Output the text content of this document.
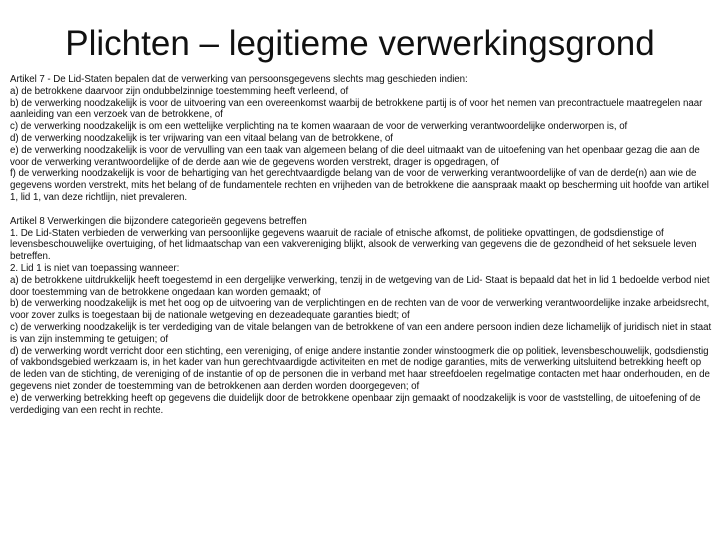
Plichten – legitieme verwerkingsgrond
Artikel 7 - De Lid-Staten bepalen dat de verwerking van persoonsgegevens slechts mag geschieden indien:
a) de betrokkene daarvoor zijn ondubbelzinnige toestemming heeft verleend, of
b) de verwerking noodzakelijk is voor de uitvoering van een overeenkomst waarbij de betrokkene partij is of voor het nemen van precontractuele maatregelen naar aanleiding van een verzoek van de betrokkene, of
c) de verwerking noodzakelijk is om een wettelijke verplichting na te komen waaraan de voor de verwerking verantwoordelijke onderworpen is, of
d) de verwerking noodzakelijk is ter vrijwaring van een vitaal belang van de betrokkene, of
e) de verwerking noodzakelijk is voor de vervulling van een taak van algemeen belang of die deel uitmaakt van de uitoefening van het openbaar gezag die aan de voor de verwerking verantwoordelijke of de derde aan wie de gegevens worden verstrekt, drager is opgedragen, of
f) de verwerking noodzakelijk is voor de behartiging van het gerechtvaardigde belang van de voor de verwerking verantwoordelijke of van de derde(n) aan wie de gegevens worden verstrekt, mits het belang of de fundamentele rechten en vrijheden van de betrokkene die aanspraak maakt op bescherming uit hoofde van artikel 1, lid 1, van deze richtlijn, niet prevaleren.
Artikel 8 Verwerkingen die bijzondere categorieën gegevens betreffen
1. De Lid-Staten verbieden de verwerking van persoonlijke gegevens waaruit de raciale of etnische afkomst, de politieke opvattingen, de godsdienstige of levensbeschouwelijke overtuiging, of het lidmaatschap van een vakvereniging blijkt, alsook de verwerking van gegevens die de gezondheid of het seksuele leven betreffen.
2. Lid 1 is niet van toepassing wanneer:
a) de betrokkene uitdrukkelijk heeft toegestemd in een dergelijke verwerking, tenzij in de wetgeving van de Lid- Staat is bepaald dat het in lid 1 bedoelde verbod niet door toestemming van de betrokkene ongedaan kan worden gemaakt; of
b) de verwerking noodzakelijk is met het oog op de uitvoering van de verplichtingen en de rechten van de voor de verwerking verantwoordelijke inzake arbeidsrecht, voor zover zulks is toegestaan bij de nationale wetgeving en dezeadequate garanties biedt; of
c) de verwerking noodzakelijk is ter verdediging van de vitale belangen van de betrokkene of van een andere persoon indien deze lichamelijk of juridisch niet in staat is van zijn instemming te getuigen; of
d) de verwerking wordt verricht door een stichting, een vereniging, of enige andere instantie zonder winstoogmerk die op politiek, levensbeschouwelijk, godsdienstig of vakbondsgebied werkzaam is, in het kader van hun gerechtvaardigde activiteiten en met de nodige garanties, mits de verwerking uitsluitend betrekking heeft op de leden van de stichting, de vereniging of de instantie of op de personen die in verband met haar streefdoelen regelmatige contacten met haar onderhouden, en de gegevens niet zonder de toestemming van de betrokkenen aan derden worden doorgegeven; of
e) de verwerking betrekking heeft op gegevens die duidelijk door de betrokkene openbaar zijn gemaakt of noodzakelijk is voor de vaststelling, de uitoefening of de verdediging van een recht in rechte.
